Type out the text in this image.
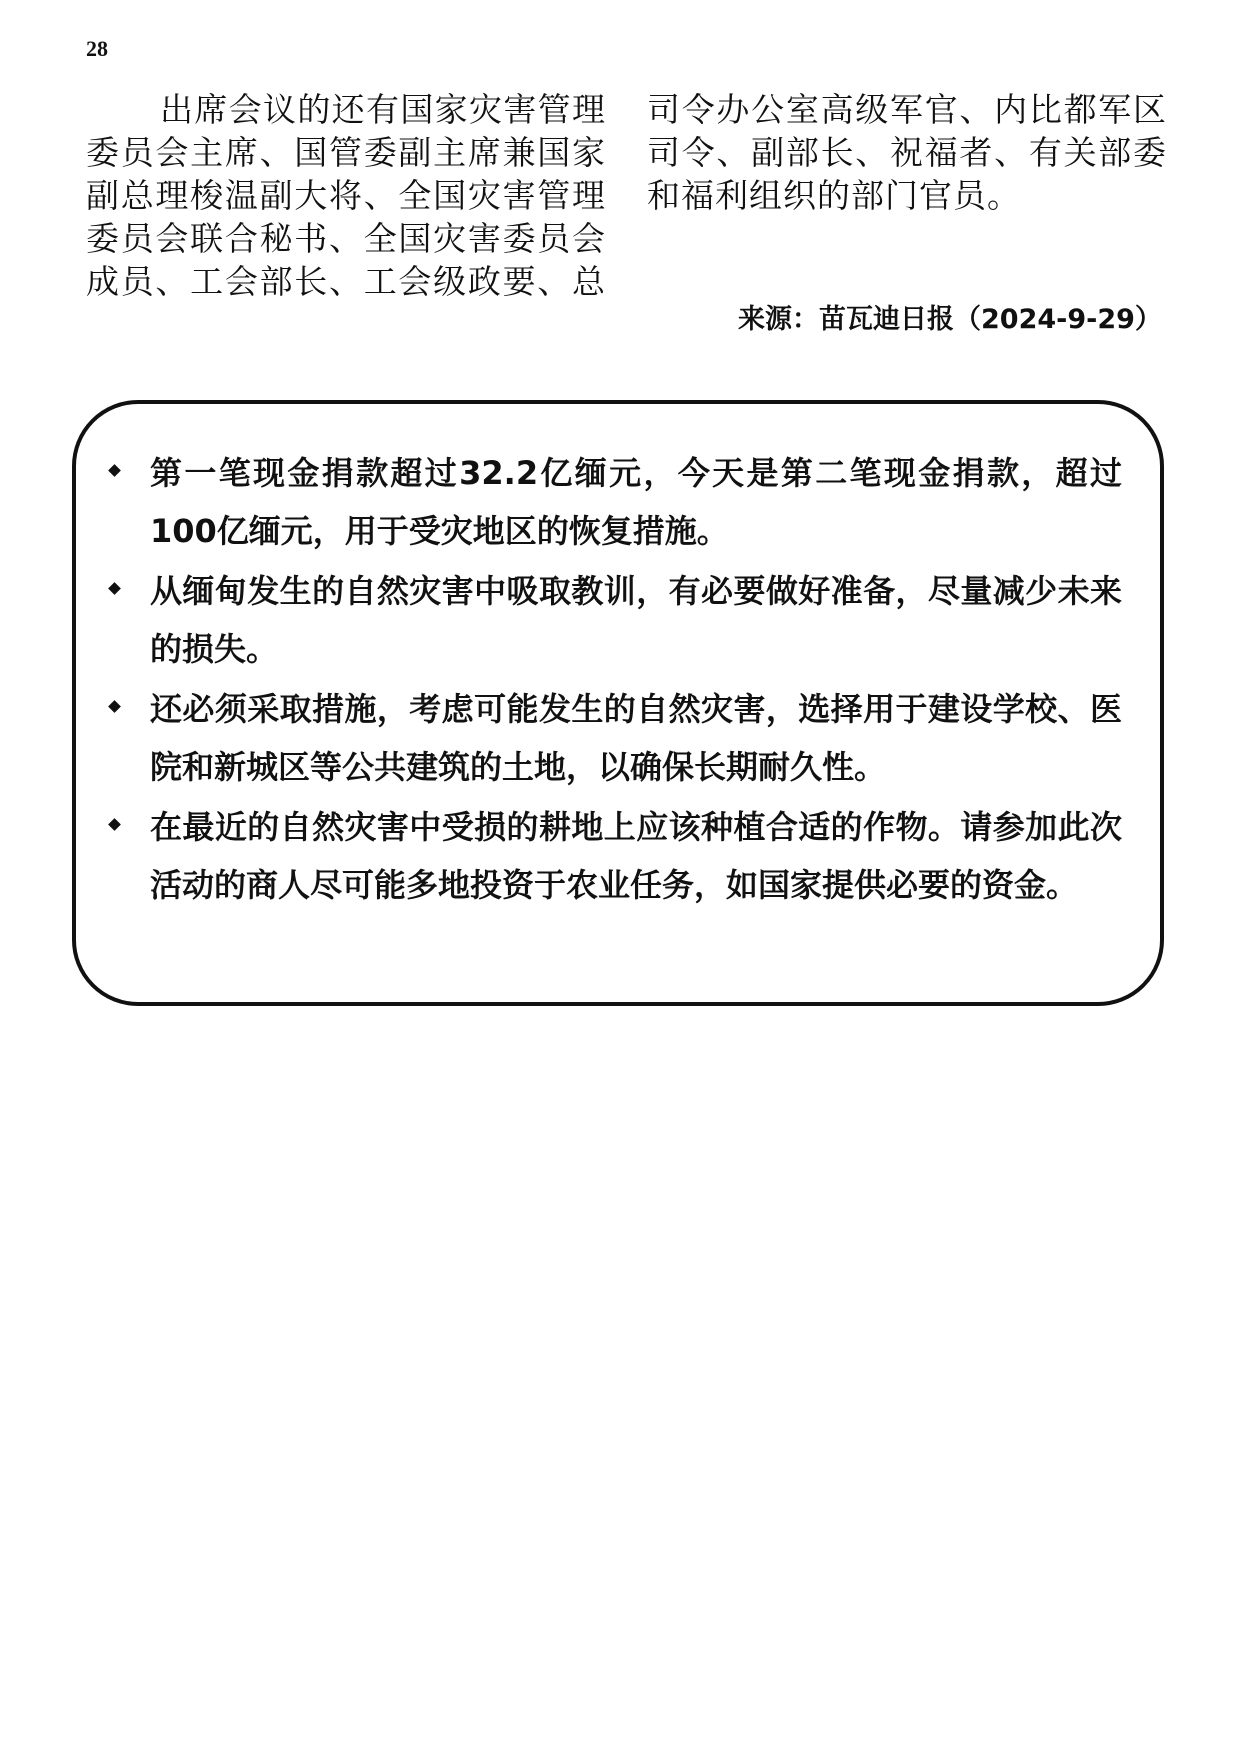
28

出席会议的还有国家灾害管理委员会主席、国管委副主席兼国家副总理梭温副大将、全国灾害管理委员会联合秘书、全国灾害委员会成员、工会部长、工会级政要、总

司令办公室高级军官、内比都军区司令、副部长、祝福者、有关部委和福利组织的部门官员。

来源：苗瓦迪日报（2024-9-29）
第一笔现金捐款超过32.2亿缅元，今天是第二笔现金捐款，超过100亿缅元，用于受灾地区的恢复措施。
从缅甸发生的自然灾害中吸取教训，有必要做好准备，尽量减少未来的损失。
还必须采取措施，考虑可能发生的自然灾害，选择用于建设学校、医院和新城区等公共建筑的土地，以确保长期耐久性。
在最近的自然灾害中受损的耕地上应该种植合适的作物。请参加此次活动的商人尽可能多地投资于农业任务，如国家提供必要的资金。
